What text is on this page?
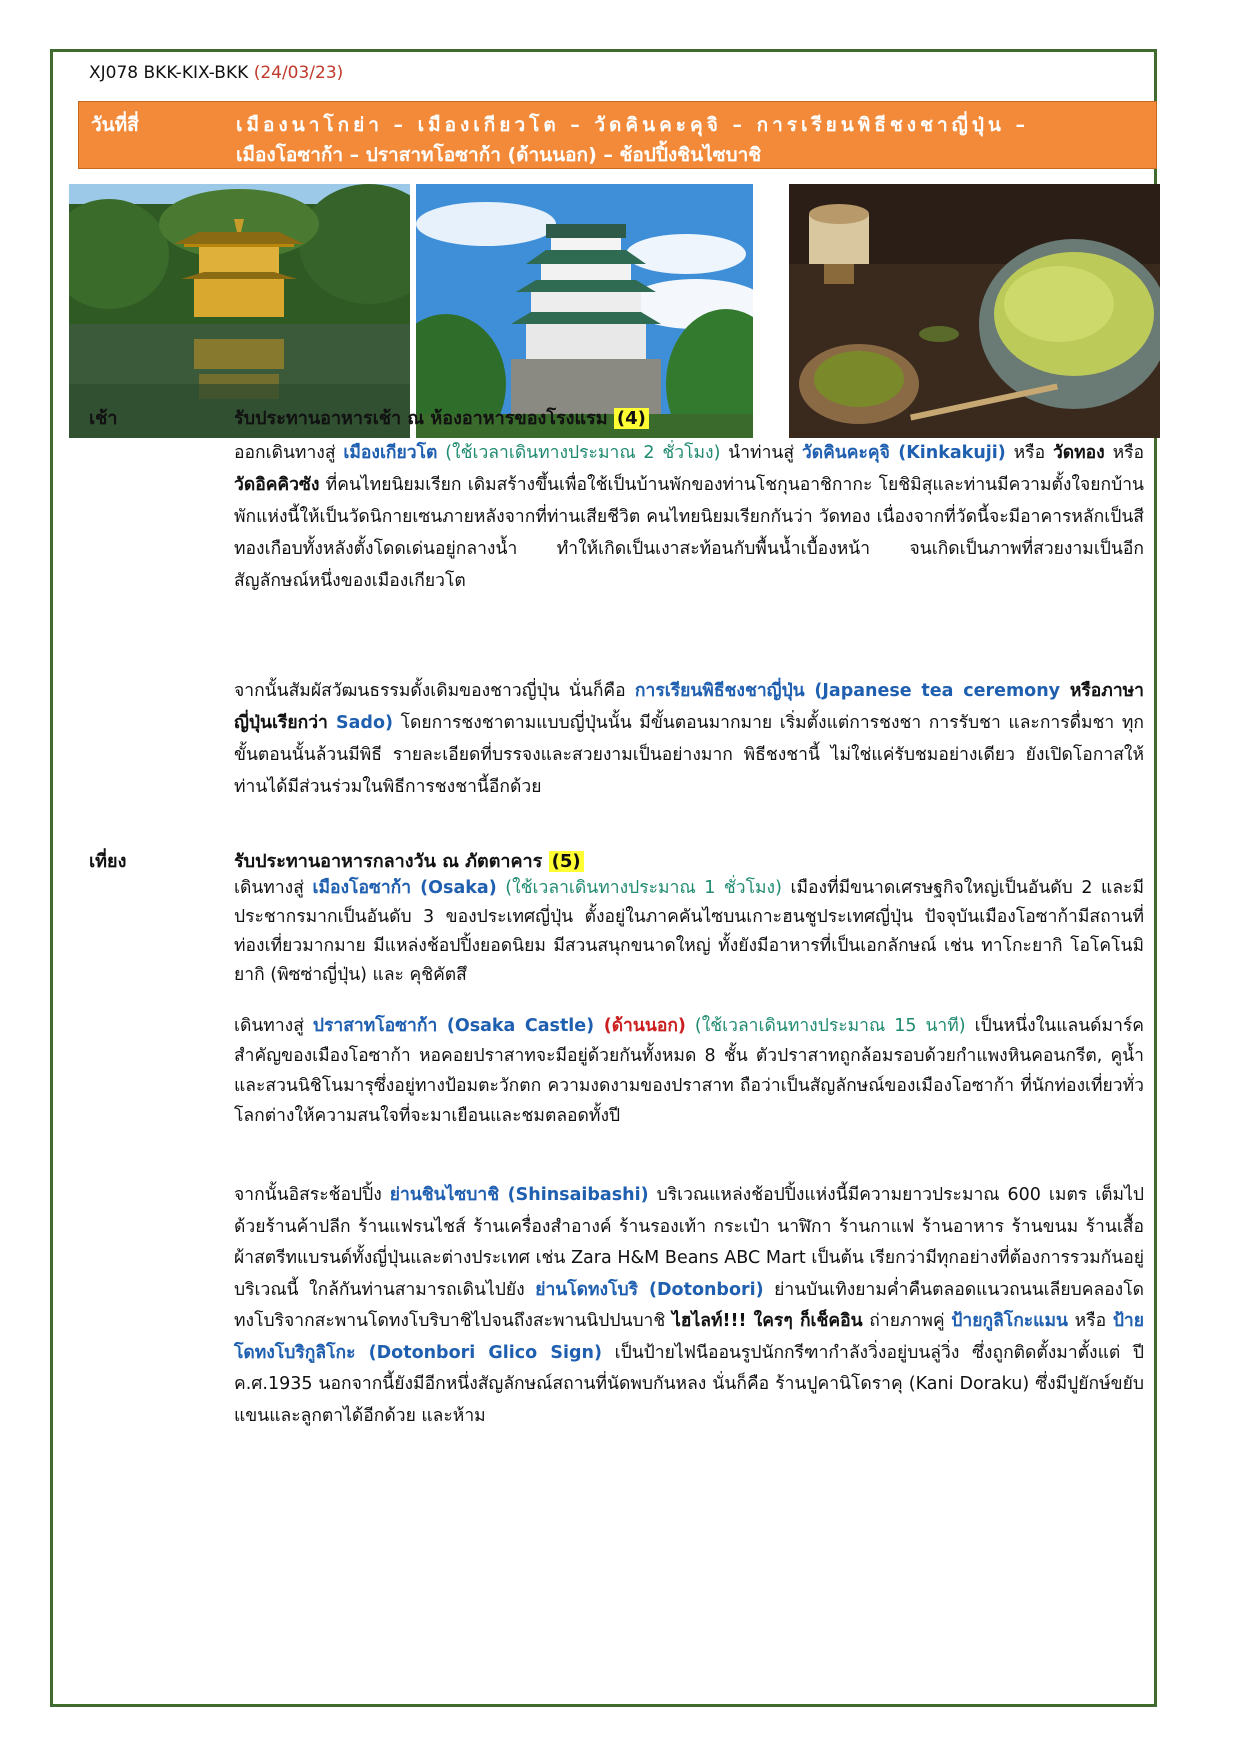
XJ078 BKK-KIX-BKK (24/03/23)
วันที่สี่	เมืองนาโกย่า – เมืองเกียวโต – วัดคินคะคุจิ – การเรียนพิธีชงชาญี่ปุ่น –
เมืองโอซาก้า – ปราสาทโอซาก้า (ด้านนอก) – ช้อปปิ้งชินไซบาชิ
เช้า	รับประทานอาหารเช้า ณ ห้องอาหารของโรงแรม (4)
ออกเดินทางสู่ เมืองเกียวโต (ใช้เวลาเดินทางประมาณ 2 ชั่วโมง) นำท่านสู่ วัดคินคะคุจิ (Kinkakuji) หรือ วัดทอง หรือ วัดอิคคิวซัง ที่คนไทยนิยมเรียก เดิมสร้างขึ้นเพื่อใช้เป็นบ้านพักของท่านโชกุนอาชิกากะ โยชิมิสุและท่านมีความตั้งใจยกบ้านพักแห่งนี้ให้เป็นวัดนิกายเซนภายหลังจากที่ท่านเสียชีวิต คนไทยนิยมเรียกกันว่า วัดทอง เนื่องจากที่วัดนี้จะมีอาคารหลักเป็นสีทองเกือบทั้งหลังตั้งโดดเด่นอยู่กลางน้ำ ทำให้เกิดเป็นเงาสะท้อนกับพื้นน้ำเบื้องหน้า จนเกิดเป็นภาพที่สวยงามเป็นอีกสัญลักษณ์หนึ่งของเมืองเกียวโต
จากนั้นสัมผัสวัฒนธรรมดั้งเดิมของชาวญี่ปุ่น นั่นก็คือ การเรียนพิธีชงชาญี่ปุ่น (Japanese tea ceremony หรือภาษาญี่ปุ่นเรียกว่า Sado) โดยการชงชาตามแบบญี่ปุ่นนั้น มีขั้นตอนมากมาย เริ่มตั้งแต่การชงชา การรับชา และการดื่มชา ทุกขั้นตอนนั้นล้วนมีพิธี รายละเอียดที่บรรจงและสวยงามเป็นอย่างมาก พิธีชงชานี้ ไม่ใช่แค่รับชมอย่างเดียว ยังเปิดโอกาสให้ท่านได้มีส่วนร่วมในพิธีการชงชานี้อีกด้วย
เที่ยง	รับประทานอาหารกลางวัน ณ ภัตตาคาร (5)
เดินทางสู่ เมืองโอซาก้า (Osaka) (ใช้เวลาเดินทางประมาณ 1 ชั่วโมง) เมืองที่มีขนาดเศรษฐกิจใหญ่เป็นอันดับ 2 และมีประชากรมากเป็นอันดับ 3 ของประเทศญี่ปุ่น ตั้งอยู่ในภาคคันไซบนเกาะฮนชูประเทศญี่ปุ่น ปัจจุบันเมืองโอซาก้ามีสถานที่ท่องเที่ยวมากมาย มีแหล่งช้อปปิ้งยอดนิยม มีสวนสนุกขนาดใหญ่ ทั้งยังมีอาหารที่เป็นเอกลักษณ์ เช่น ทาโกะยากิ โอโคโนมิยากิ (พิซซ่าญี่ปุ่น) และ คุชิคัตสึ
เดินทางสู่ ปราสาทโอซาก้า (Osaka Castle) (ด้านนอก) (ใช้เวลาเดินทางประมาณ 15 นาที) เป็นหนึ่งในแลนด์มาร์คสำคัญของเมืองโอซาก้า หอคอยปราสาทจะมีอยู่ด้วยกันทั้งหมด 8 ชั้น ตัวปราสาทถูกล้อมรอบด้วยกำแพงหินคอนกรีต, คูน้ำ และสวนนิชิโนมารุซึ่งอยู่ทางป้อมตะวักตก ความงดงามของปราสาท ถือว่าเป็นสัญลักษณ์ของเมืองโอซาก้า ที่นักท่องเที่ยวทั่วโลกต่างให้ความสนใจที่จะมาเยือนและชมตลอดทั้งปี
จากนั้นอิสระช้อปปิ้ง ย่านชินไซบาชิ (Shinsaibashi) บริเวณแหล่งช้อปปิ้งแห่งนี้มีความยาวประมาณ 600 เมตร เต็มไปด้วยร้านค้าปลีก ร้านแฟรนไชส์ ร้านเครื่องสำอางค์ ร้านรองเท้า กระเป๋า นาฬิกา ร้านกาแฟ ร้านอาหาร ร้านขนม ร้านเสื้อผ้าสตรีทแบรนด์ทั้งญี่ปุ่นและต่างประเทศ เช่น Zara H&M Beans ABC Mart เป็นต้น เรียกว่ามีทุกอย่างที่ต้องการรวมกันอยู่บริเวณนี้ ใกล้กันท่านสามารถเดินไปยัง ย่านโดทงโบริ (Dotonbori) ย่านบันเทิงยามค่ำคืนตลอดแนวถนนเลียบคลองโดทงโบริจากสะพานโดทงโบริบาชิไปจนถึงสะพานนิปปนบาชิ ไฮไลท์!!! ใครๆ ก็เช็คอิน ถ่ายภาพคู่ ป้ายกูลิโกะแมน หรือ ป้ายโดทงโบริกูลิโกะ (Dotonbori Glico Sign) เป็นป้ายไฟนีออนรูปนักกรีฑากำลังวิ่งอยู่บนลู่วิ่ง ซึ่งถูกติดตั้งมาตั้งแต่ ปี ค.ศ.1935 นอกจากนี้ยังมีอีกหนึ่งสัญลักษณ์สถานที่นัดพบกันหลง นั่นก็คือ ร้านปูคานิโดราคุ (Kani Doraku) ซึ่งมีปูยักษ์ขยับแขนและลูกตาได้อีกด้วย และห้าม
